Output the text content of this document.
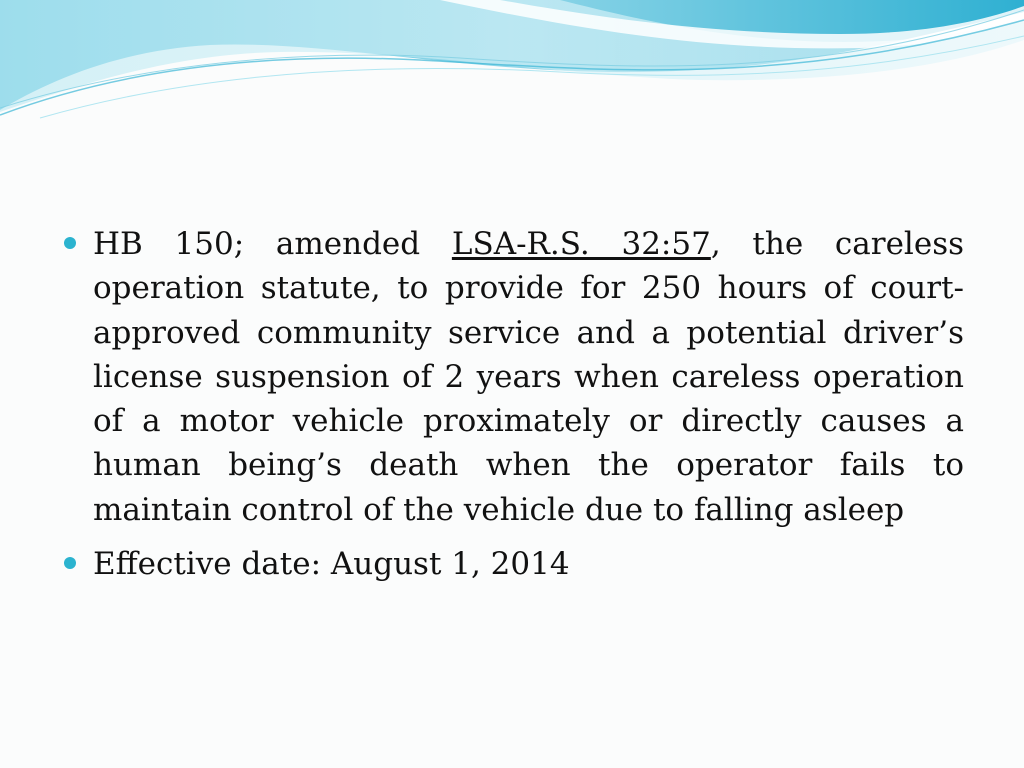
HB 150; amended LSA-R.S. 32:57, the careless operation statute, to provide for 250 hours of court-approved community service and a potential driver’s license suspension of 2 years when careless operation of a motor vehicle proximately or directly causes a human being’s death when the operator fails to maintain control of the vehicle due to falling asleep
Effective date: August 1, 2014
